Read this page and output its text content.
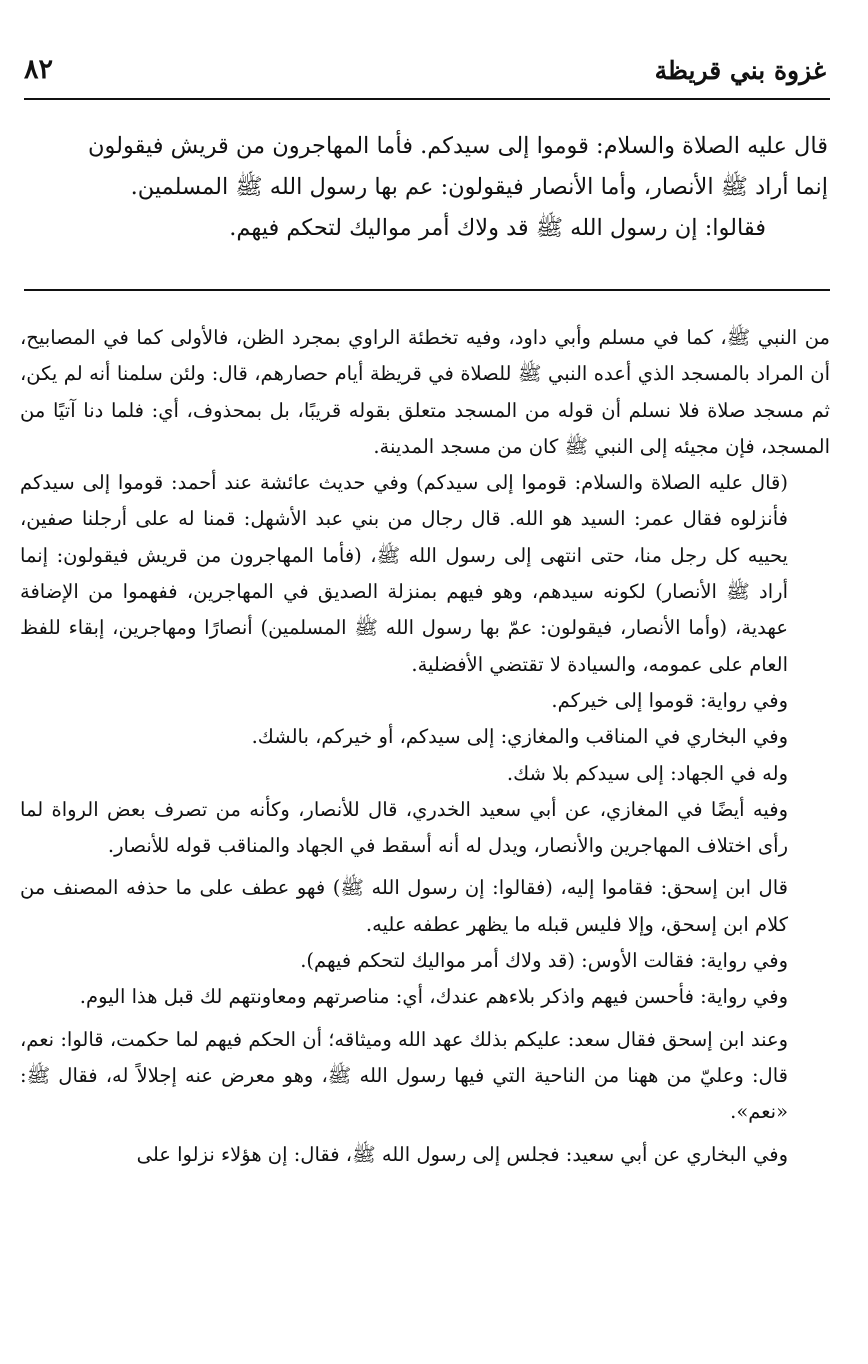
غزوة بني قريظة
٨٢

قال عليه الصلاة والسلام: قوموا إلى سيدكم. فأما المهاجرون من قريش فيقولون

إنما أراد ﷺ الأنصار، وأما الأنصار فيقولون: عم بها رسول الله ﷺ المسلمين.

فقالوا: إن رسول الله ﷺ قد ولاك أمر مواليك لتحكم فيهم.

من النبي ﷺ، كما في مسلم وأبي داود، وفيه تخطئة الراوي بمجرد الظن، فالأولى كما في المصابيح، أن المراد بالمسجد الذي أعده النبي ﷺ للصلاة في قريظة أيام حصارهم، قال: ولئن سلمنا أنه لم يكن، ثم مسجد صلاة فلا نسلم أن قوله من المسجد متعلق بقوله قريبًا، بل بمحذوف، أي: فلما دنا آتيًا من المسجد، فإن مجيئه إلى النبي ﷺ كان من مسجد المدينة.

(قال عليه الصلاة والسلام: قوموا إلى سيدكم) وفي حديث عائشة عند أحمد: قوموا إلى سيدكم فأنزلوه فقال عمر: السيد هو الله. قال رجال من بني عبد الأشهل: قمنا له على أرجلنا صفين، يحييه كل رجل منا، حتى انتهى إلى رسول الله ﷺ، (فأما المهاجرون من قريش فيقولون: إنما أراد ﷺ الأنصار) لكونه سيدهم، وهو فيهم بمنزلة الصديق في المهاجرين، ففهموا من الإضافة عهدية، (وأما الأنصار، فيقولون: عمّ بها رسول الله ﷺ المسلمين) أنصارًا ومهاجرين، إبقاء للفظ العام على عمومه، والسيادة لا تقتضي الأفضلية.

وفي رواية: قوموا إلى خيركم.

وفي البخاري في المناقب والمغازي: إلى سيدكم، أو خيركم، بالشك.

وله في الجهاد: إلى سيدكم بلا شك.

وفيه أيضًا في المغازي، عن أبي سعيد الخدري، قال للأنصار، وكأنه من تصرف بعض الرواة لما رأى اختلاف المهاجرين والأنصار، ويدل له أنه أسقط في الجهاد والمناقب قوله للأنصار.

قال ابن إسحق: فقاموا إليه، (فقالوا: إن رسول الله ﷺ) فهو عطف على ما حذفه المصنف من كلام ابن إسحق، وإلا فليس قبله ما يظهر عطفه عليه.

وفي رواية: فقالت الأوس: (قد ولاك أمر مواليك لتحكم فيهم).

وفي رواية: فأحسن فيهم واذكر بلاءهم عندك، أي: مناصرتهم ومعاونتهم لك قبل هذا اليوم.

وعند ابن إسحق فقال سعد: عليكم بذلك عهد الله وميثاقه؛ أن الحكم فيهم لما حكمت، قالوا: نعم، قال: وعليّ من ههنا من الناحية التي فيها رسول الله ﷺ، وهو معرض عنه إجلالاً له، فقال ﷺ: «نعم».

وفي البخاري عن أبي سعيد: فجلس إلى رسول الله ﷺ، فقال: إن هؤلاء نزلوا على
